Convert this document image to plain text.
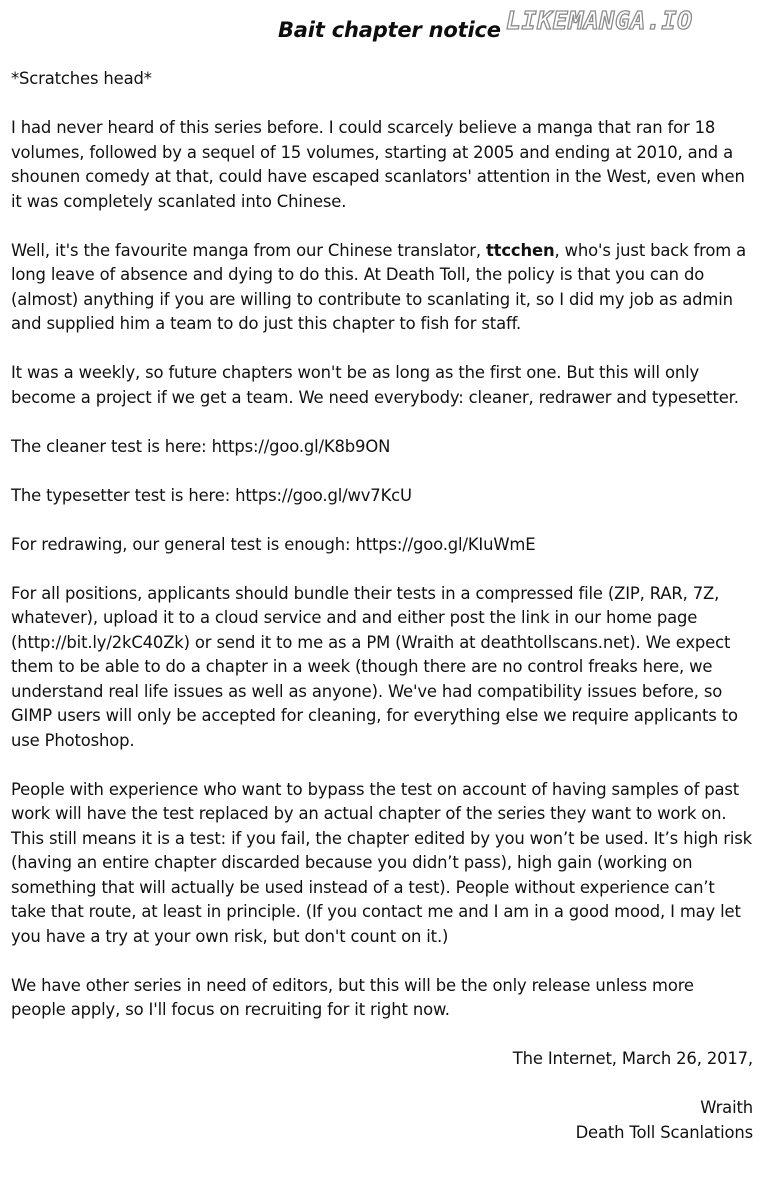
Bait chapter notice LIKEMANGA.IO

*Scratches head*

I had never heard of this series before. I could scarcely believe a manga that ran for 18 volumes, followed by a sequel of 15 volumes, starting at 2005 and ending at 2010, and a shounen comedy at that, could have escaped scanlators' attention in the West, even when it was completely scanlated into Chinese.

Well, it's the favourite manga from our Chinese translator, ttcchen, who's just back from a long leave of absence and dying to do this. At Death Toll, the policy is that you can do (almost) anything if you are willing to contribute to scanlating it, so I did my job as admin and supplied him a team to do just this chapter to fish for staff.

It was a weekly, so future chapters won't be as long as the first one. But this will only become a project if we get a team. We need everybody: cleaner, redrawer and typesetter.

The cleaner test is here: https://goo.gl/K8b9ON

The typesetter test is here: https://goo.gl/wv7KcU

For redrawing, our general test is enough: https://goo.gl/KIuWmE

For all positions, applicants should bundle their tests in a compressed file (ZIP, RAR, 7Z, whatever), upload it to a cloud service and and either post the link in our home page (http://bit.ly/2kC40Zk) or send it to me as a PM (Wraith at deathtollscans.net). We expect them to be able to do a chapter in a week (though there are no control freaks here, we understand real life issues as well as anyone). We've had compatibility issues before, so GIMP users will only be accepted for cleaning, for everything else we require applicants to use Photoshop.

People with experience who want to bypass the test on account of having samples of past work will have the test replaced by an actual chapter of the series they want to work on. This still means it is a test: if you fail, the chapter edited by you won’t be used. It’s high risk (having an entire chapter discarded because you didn’t pass), high gain (working on something that will actually be used instead of a test). People without experience can’t take that route, at least in principle. (If you contact me and I am in a good mood, I may let you have a try at your own risk, but don't count on it.)

We have other series in need of editors, but this will be the only release unless more people apply, so I'll focus on recruiting for it right now.

The Internet, March 26, 2017,

Wraith
Death Toll Scanlations
